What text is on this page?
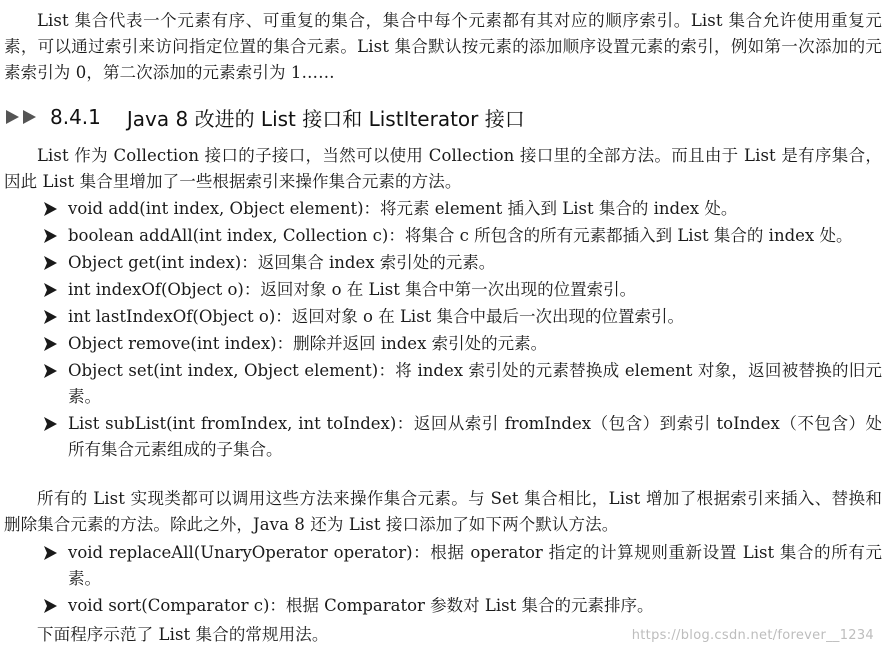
List 集合代表一个元素有序、可重复的集合，集合中每个元素都有其对应的顺序索引。List 集合允许使用重复元素，可以通过索引来访问指定位置的集合元素。List 集合默认按元素的添加顺序设置元素的索引，例如第一次添加的元素索引为 0，第二次添加的元素索引为 1……

8.4.1 Java 8 改进的 List 接口和 ListIterator 接口

List 作为 Collection 接口的子接口，当然可以使用 Collection 接口里的全部方法。而且由于 List 是有序集合，因此 List 集合里增加了一些根据索引来操作集合元素的方法。

void add(int index, Object element)：将元素 element 插入到 List 集合的 index 处。
boolean addAll(int index, Collection c)：将集合 c 所包含的所有元素都插入到 List 集合的 index 处。
Object get(int index)：返回集合 index 索引处的元素。
int indexOf(Object o)：返回对象 o 在 List 集合中第一次出现的位置索引。
int lastIndexOf(Object o)：返回对象 o 在 List 集合中最后一次出现的位置索引。
Object remove(int index)：删除并返回 index 索引处的元素。
Object set(int index, Object element)：将 index 索引处的元素替换成 element 对象，返回被替换的旧元素。
List subList(int fromIndex, int toIndex)：返回从索引 fromIndex（包含）到索引 toIndex（不包含）处所有集合元素组成的子集合。

所有的 List 实现类都可以调用这些方法来操作集合元素。与 Set 集合相比，List 增加了根据索引来插入、替换和删除集合元素的方法。除此之外，Java 8 还为 List 接口添加了如下两个默认方法。

void replaceAll(UnaryOperator operator)：根据 operator 指定的计算规则重新设置 List 集合的所有元素。
void sort(Comparator c)：根据 Comparator 参数对 List 集合的元素排序。

下面程序示范了 List 集合的常规用法。	https://blog.csdn.net/forever__1234
